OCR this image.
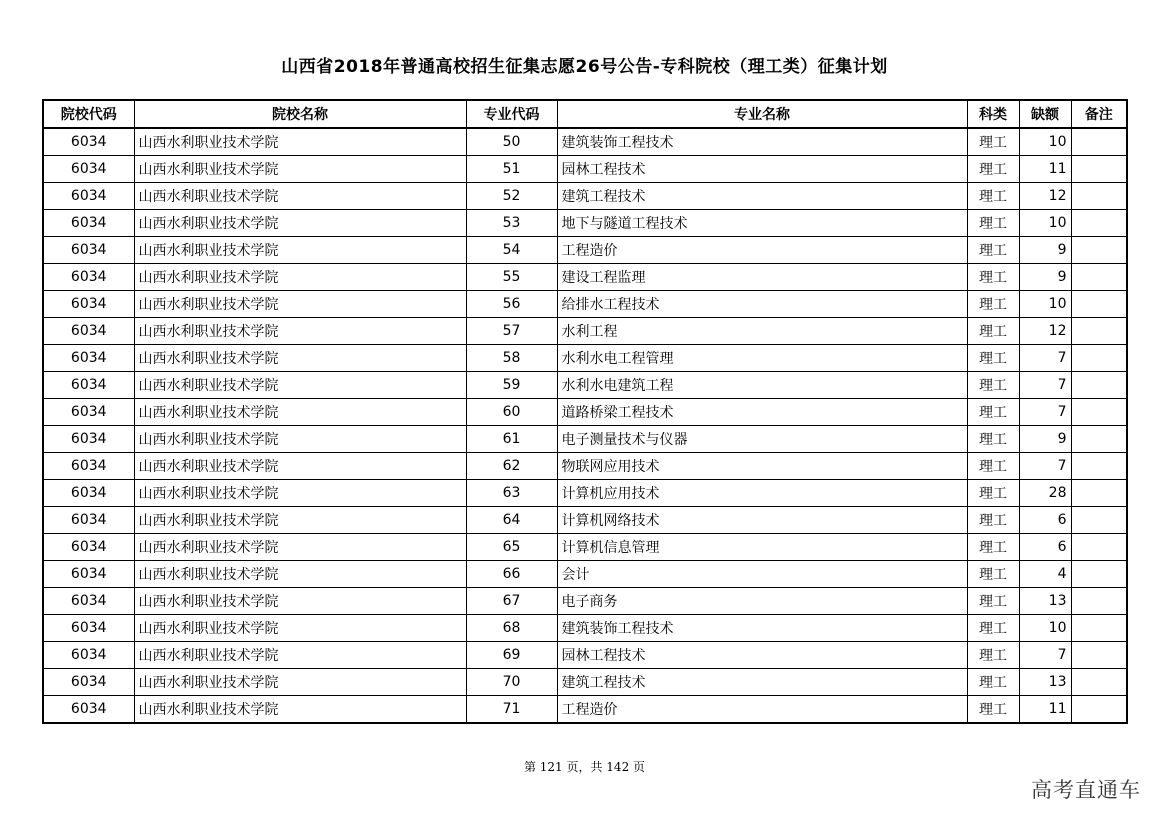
山西省2018年普通高校招生征集志愿26号公告-专科院校（理工类）征集计划
院校代码	院校名称	专业代码	专业名称	科类	缺额	备注
6034	山西水利职业技术学院	50	建筑装饰工程技术	理工	10	
6034	山西水利职业技术学院	51	园林工程技术	理工	11	
6034	山西水利职业技术学院	52	建筑工程技术	理工	12	
6034	山西水利职业技术学院	53	地下与隧道工程技术	理工	10	
6034	山西水利职业技术学院	54	工程造价	理工	9	
6034	山西水利职业技术学院	55	建设工程监理	理工	9	
6034	山西水利职业技术学院	56	给排水工程技术	理工	10	
6034	山西水利职业技术学院	57	水利工程	理工	12	
6034	山西水利职业技术学院	58	水利水电工程管理	理工	7	
6034	山西水利职业技术学院	59	水利水电建筑工程	理工	7	
6034	山西水利职业技术学院	60	道路桥梁工程技术	理工	7	
6034	山西水利职业技术学院	61	电子测量技术与仪器	理工	9	
6034	山西水利职业技术学院	62	物联网应用技术	理工	7	
6034	山西水利职业技术学院	63	计算机应用技术	理工	28	
6034	山西水利职业技术学院	64	计算机网络技术	理工	6	
6034	山西水利职业技术学院	65	计算机信息管理	理工	6	
6034	山西水利职业技术学院	66	会计	理工	4	
6034	山西水利职业技术学院	67	电子商务	理工	13	
6034	山西水利职业技术学院	68	建筑装饰工程技术	理工	10	
6034	山西水利职业技术学院	69	园林工程技术	理工	7	
6034	山西水利职业技术学院	70	建筑工程技术	理工	13	
6034	山西水利职业技术学院	71	工程造价	理工	11	
第 121 页，共 142 页
高考直通车
